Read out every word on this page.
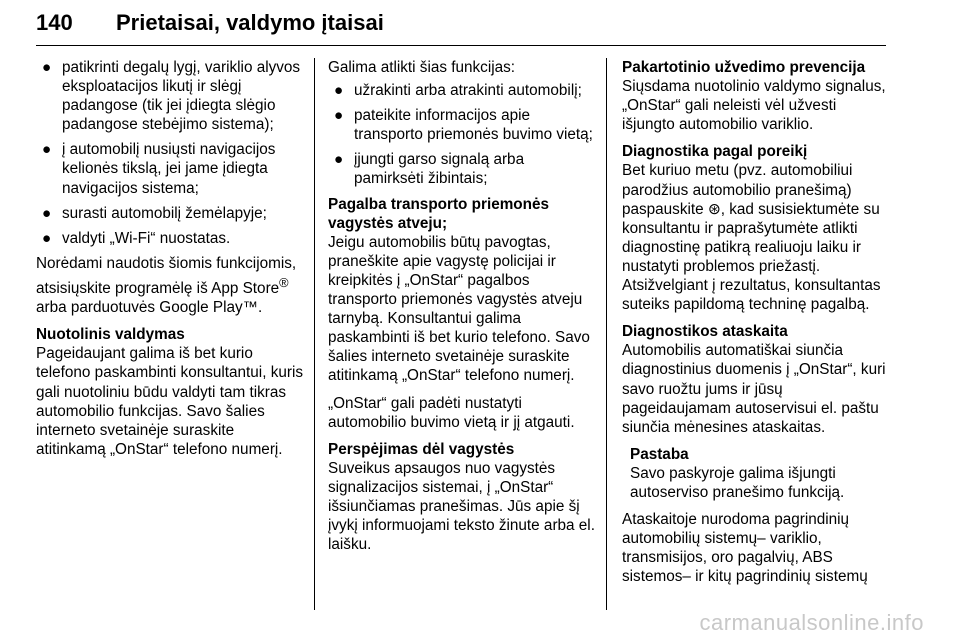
140 Prietaisai, valdymo įtaisai
● patikrinti degalų lygį, variklio alyvos eksploatacijos likutį ir slėgį padangose (tik jei įdiegta slėgio padangose stebėjimo sistema);
● į automobilį nusiųsti navigacijos kelionės tikslą, jei jame įdiegta navigacijos sistema;
● surasti automobilį žemėlapyje;
● valdyti „Wi-Fi“ nuostatas.

Norėdami naudotis šiomis funkcijomis, atsisiųskite programėlę iš App Store® arba parduotuvės Google Play™.

Nuotolinis valdymas
Pageidaujant galima iš bet kurio telefono paskambinti konsultantui, kuris gali nuotoliniu būdu valdyti tam tikras automobilio funkcijas. Savo šalies interneto svetainėje suraskite atitinkamą „OnStar“ telefono numerį.

Galima atlikti šias funkcijas:

● užrakinti arba atrakinti automobilį;
● pateikite informacijos apie transporto priemonės buvimo vietą;
● įjungti garso signalą arba pamirksėti žibintais;

Pagalba transporto priemonės vagystės atveju;
Jeigu automobilis būtų pavogtas, praneškite apie vagystę policijai ir kreipkitės į „OnStar“ pagalbos transporto priemonės vagystės atveju tarnybą. Konsultantui galima paskambinti iš bet kurio telefono. Savo šalies interneto svetainėje suraskite atitinkamą „OnStar“ telefono numerį.

„OnStar“ gali padėti nustatyti automobilio buvimo vietą ir jį atgauti.

Perspėjimas dėl vagystės
Suveikus apsaugos nuo vagystės signalizacijos sistemai, į „OnStar“ išsiunčiamas pranešimas. Jūs apie šį įvykį informuojami teksto žinute arba el. laišku.

Pakartotinio užvedimo prevencija
Siųsdama nuotolinio valdymo signalus, „OnStar“ gali neleisti vėl užvesti išjungto automobilio variklio.

Diagnostika pagal poreikį
Bet kuriuo metu (pvz. automobiliui parodžius automobilio pranešimą) paspauskite ⊛, kad susisiektumėte su konsultantu ir paprašytumėte atlikti diagnostinę patikrą realiuoju laiku ir nustatyti problemos priežastį. Atsižvelgiant į rezultatus, konsultantas suteiks papildomą techninę pagalbą.

Diagnostikos ataskaita
Automobilis automatiškai siunčia diagnostinius duomenis į „OnStar“, kuri savo ruožtu jums ir jūsų pageidaujamam autoservisui el. paštu siunčia mėnesines ataskaitas.

Pastaba
Savo paskyroje galima išjungti autoserviso pranešimo funkciją.

Ataskaitoje nurodoma pagrindinių automobilių sistemų– variklio, transmisijos, oro pagalvių, ABS sistemos– ir kitų pagrindinių sistemų

carmanualsonline.info
